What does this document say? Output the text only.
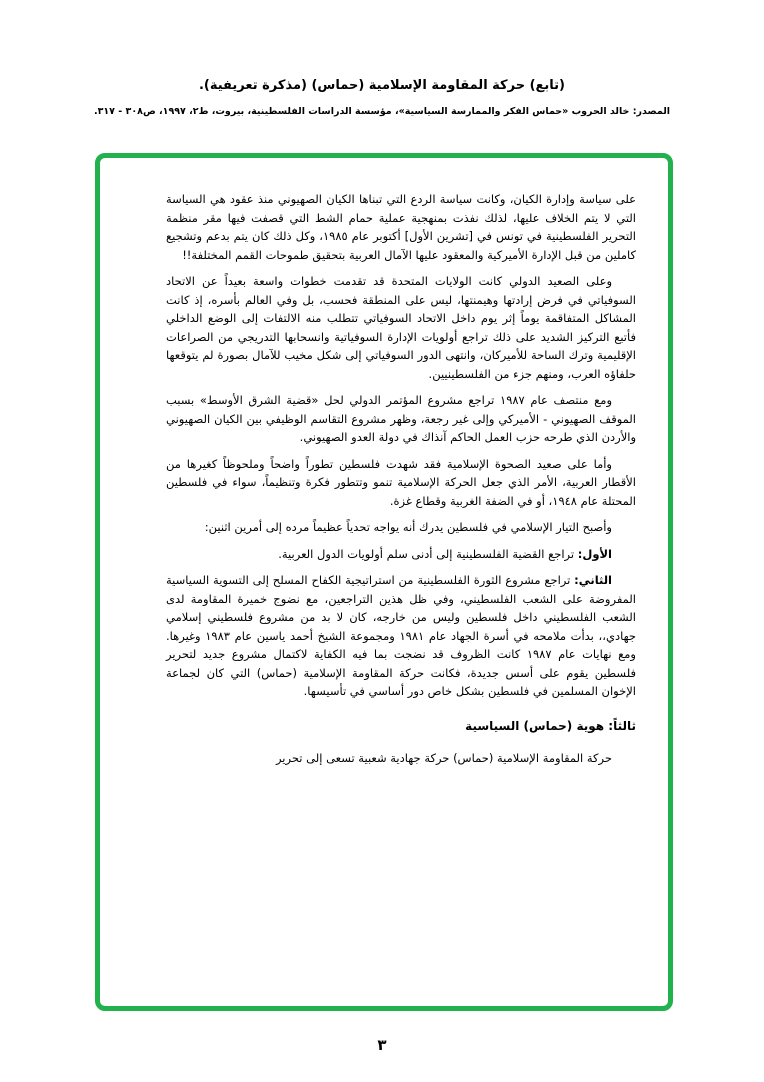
(تابع) حركة المقاومة الإسلامية (حماس) (مذكرة تعريفية).
المصدر: خالد الحروب «حماس الفكر والممارسة السياسية»، مؤسسة الدراسات الفلسطينية، بيروت، ط٢، ١٩٩٧، ص٣٠٨ - ٣١٧.

على سياسة وإدارة الكيان، وكانت سياسة الردع التي تبناها الكيان الصهيوني منذ عقود هي السياسة التي لا يتم الخلاف عليها، لذلك نفذت بمنهجية عملية حمام الشط التي قصفت فيها مقر منظمة التحرير الفلسطينية في تونس في [تشرين الأول] أكتوبر عام ١٩٨٥، وكل ذلك كان يتم بدعم وتشجيع كاملين من قبل الإدارة الأميركية والمعقود عليها الآمال العربية بتحقيق طموحات القمم المختلفة!!

وعلى الصعيد الدولي كانت الولايات المتحدة قد تقدمت خطوات واسعة بعيداً عن الاتحاد السوفياتي في فرض إرادتها وهيمنتها، ليس على المنطقة فحسب، بل وفي العالم بأسره، إذ كانت المشاكل المتفاقمة يوماً إثر يوم داخل الاتحاد السوفياتي تتطلب منه الالتفات إلى الوضع الداخلي فأتبع التركيز الشديد على ذلك تراجع أولويات الإدارة السوفياتية وانسحابها التدريجي من الصراعات الإقليمية وترك الساحة للأميركان، وانتهى الدور السوفياتي إلى شكل مخيب للآمال بصورة لم يتوقعها حلفاؤه العرب، ومنهم جزء من الفلسطينيين.

ومع منتصف عام ١٩٨٧ تراجع مشروع المؤتمر الدولي لحل «قضية الشرق الأوسط» بسبب الموقف الصهيوني - الأميركي وإلى غير رجعة، وظهر مشروع التقاسم الوظيفي بين الكيان الصهيوني والأردن الذي طرحه حزب العمل الحاكم آنذاك في دولة العدو الصهيوني.

وأما على صعيد الصحوة الإسلامية فقد شهدت فلسطين تطوراً واضحاً وملحوظاً كغيرها من الأقطار العربية، الأمر الذي جعل الحركة الإسلامية تنمو وتتطور فكرة وتنظيماً، سواء في فلسطين المحتلة عام ١٩٤٨، أو في الضفة الغربية وقطاع غزة.

وأصبح التيار الإسلامي في فلسطين يدرك أنه يواجه تحدياً عظيماً مرده إلى أمرين اثنين:

الأول: تراجع القضية الفلسطينية إلى أدنى سلم أولويات الدول العربية.

الثاني: تراجع مشروع الثورة الفلسطينية من استراتيجية الكفاح المسلح إلى التسوية السياسية المفروضة على الشعب الفلسطيني، وفي ظل هذين التراجعين، مع نضوج خميرة المقاومة لدى الشعب الفلسطيني داخل فلسطين وليس من خارجه، كان لا بد من مشروع فلسطيني إسلامي جهادي،، بدأت ملامحه في أسرة الجهاد عام ١٩٨١ ومجموعة الشيخ أحمد ياسين عام ١٩٨٣ وغيرها. ومع نهايات عام ١٩٨٧ كانت الظروف قد نضجت بما فيه الكفاية لاكتمال مشروع جديد لتحرير فلسطين يقوم على أسس جديدة، فكانت حركة المقاومة الإسلامية (حماس) التي كان لجماعة الإخوان المسلمين في فلسطين بشكل خاص دور أساسي في تأسيسها.

ثالثاً: هوية (حماس) السياسية

حركة المقاومة الإسلامية (حماس) حركة جهادية شعبية تسعى إلى تحرير

٣
